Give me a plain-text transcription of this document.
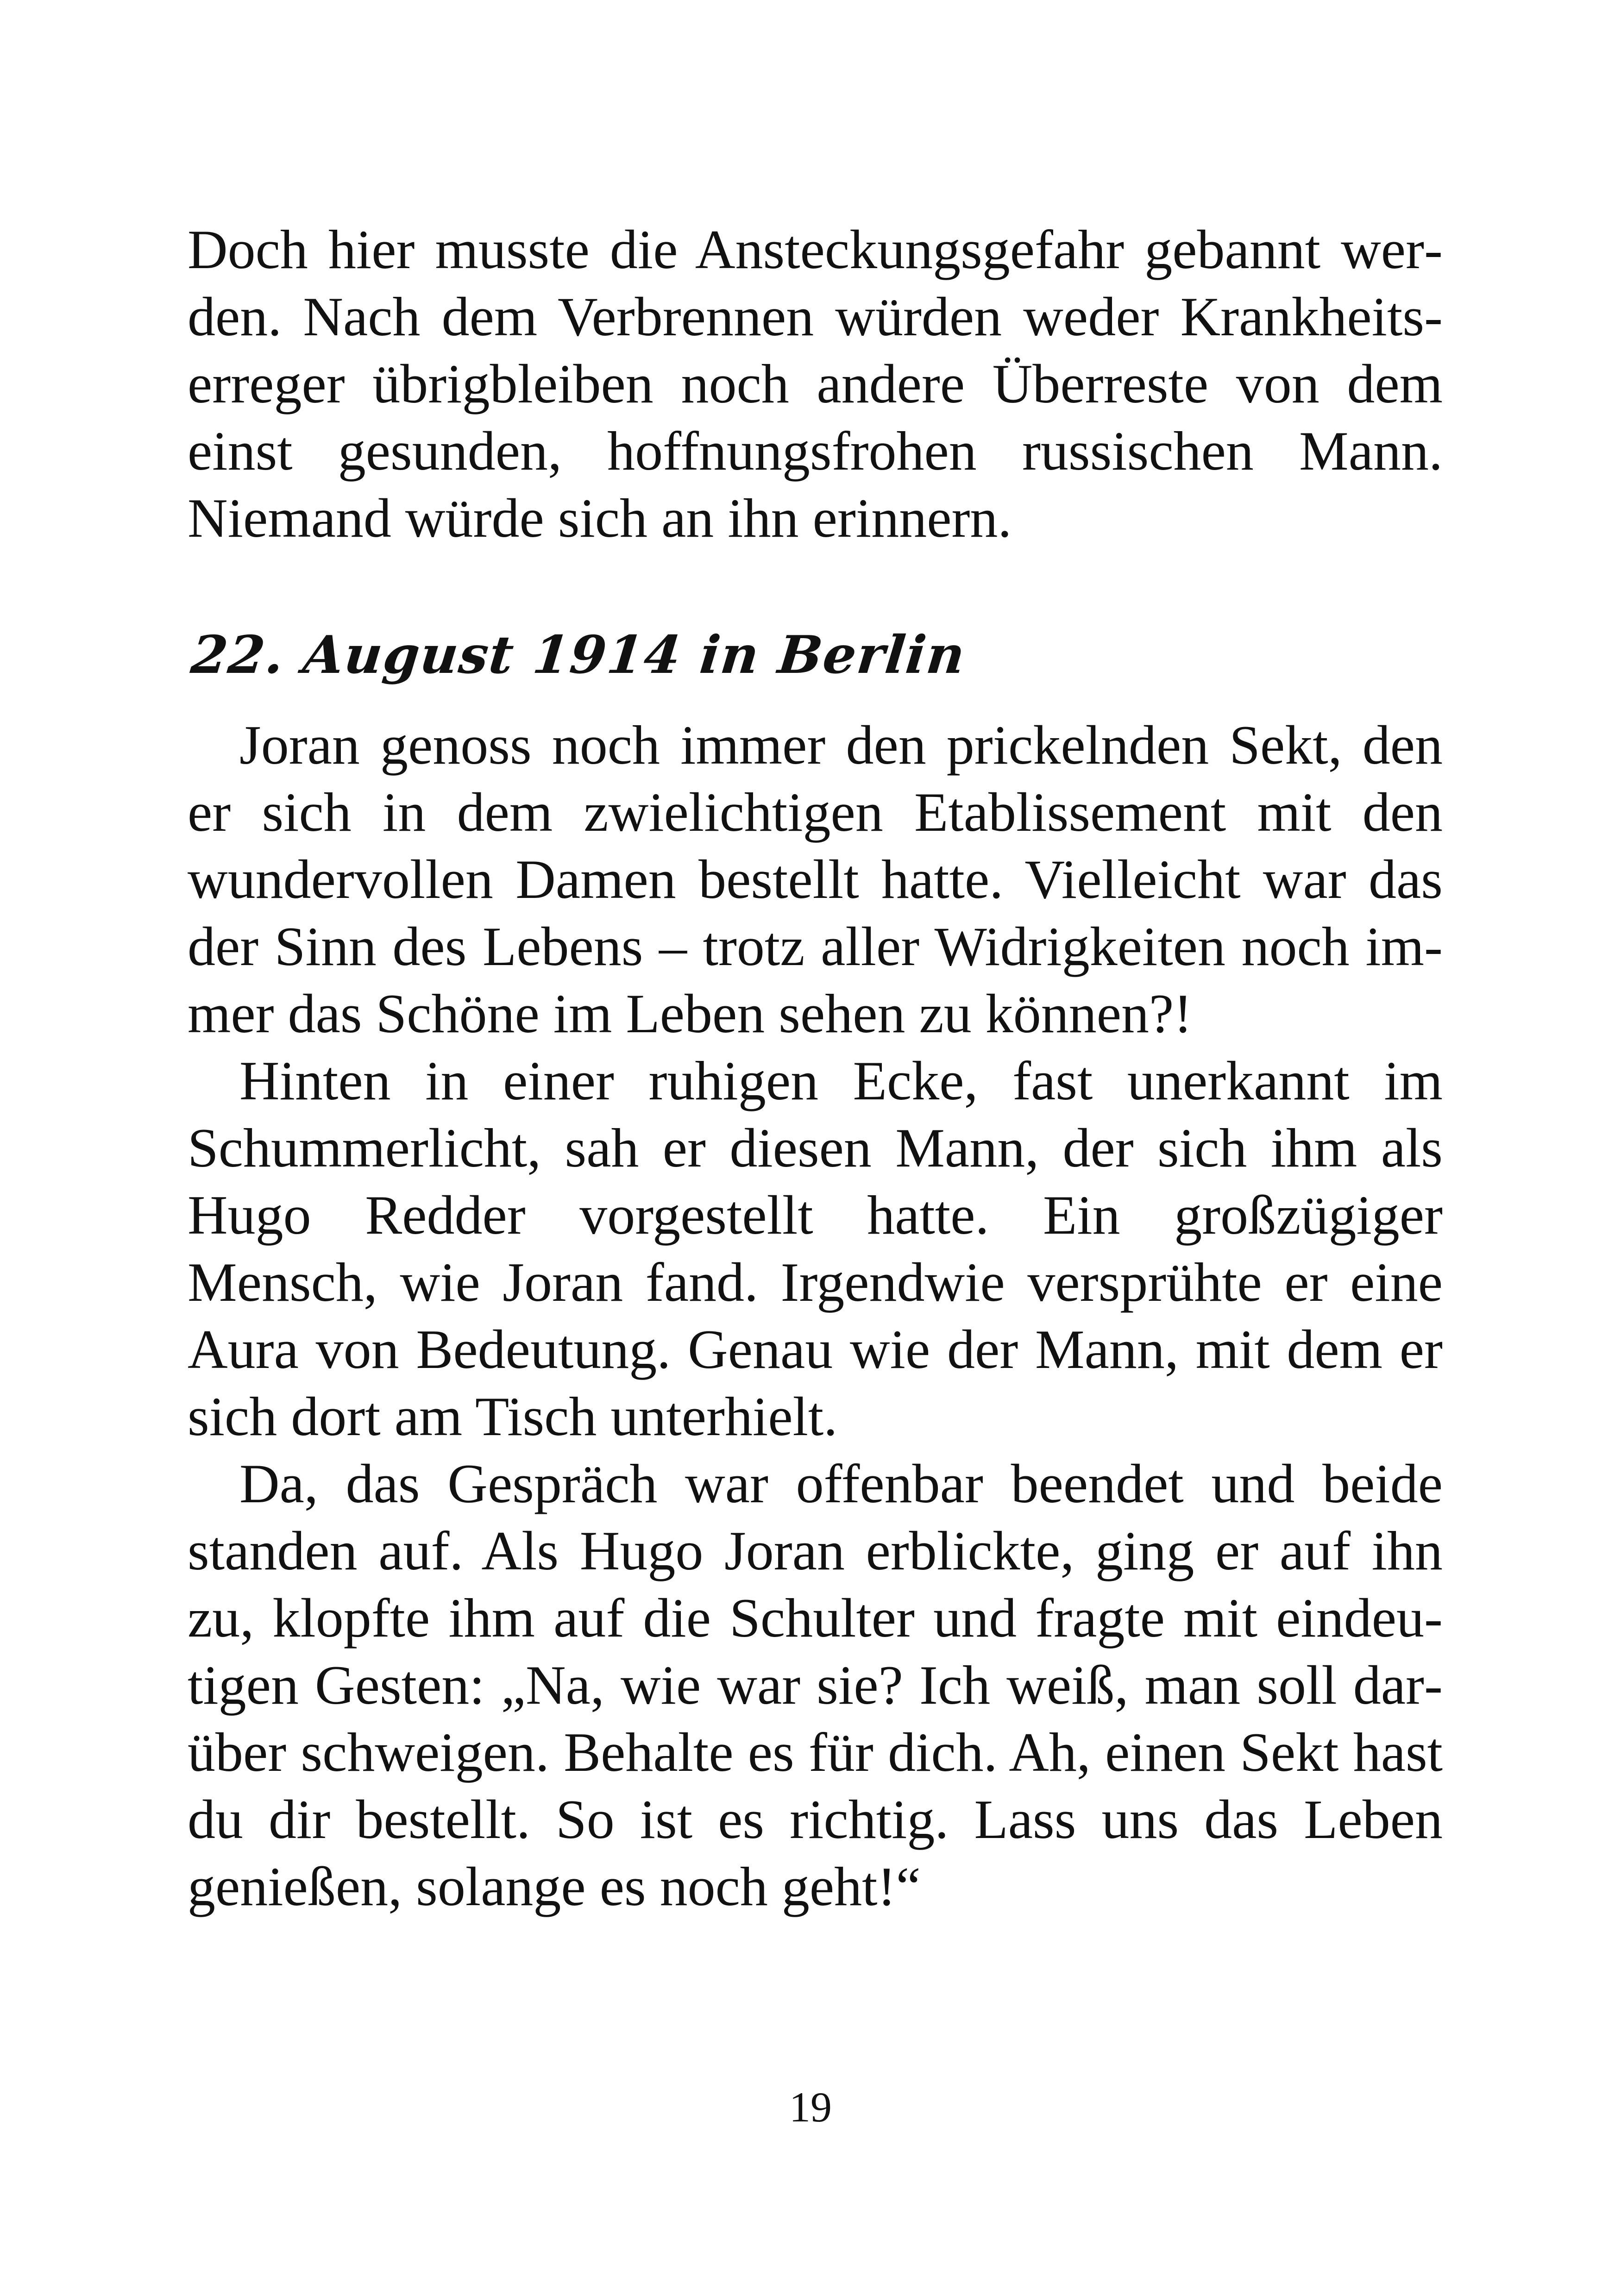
Doch hier musste die Ansteckungsgefahr gebannt werden. Nach dem Verbrennen würden weder Krankheitserreger übrigbleiben noch andere Überreste von dem einst gesunden, hoffnungsfrohen russischen Mann. Niemand würde sich an ihn erinnern.

22. August 1914 in Berlin

Joran genoss noch immer den prickelnden Sekt, den er sich in dem zwielichtigen Etablissement mit den wundervollen Damen bestellt hatte. Vielleicht war das der Sinn des Lebens – trotz aller Widrigkeiten noch immer das Schöne im Leben sehen zu können?!

Hinten in einer ruhigen Ecke, fast unerkannt im Schummerlicht, sah er diesen Mann, der sich ihm als Hugo Redder vorgestellt hatte. Ein großzügiger Mensch, wie Joran fand. Irgendwie versprühte er eine Aura von Bedeutung. Genau wie der Mann, mit dem er sich dort am Tisch unterhielt.

Da, das Gespräch war offenbar beendet und beide standen auf. Als Hugo Joran erblickte, ging er auf ihn zu, klopfte ihm auf die Schulter und fragte mit eindeutigen Gesten: „Na, wie war sie? Ich weiß, man soll darüber schweigen. Behalte es für dich. Ah, einen Sekt hast du dir bestellt. So ist es richtig. Lass uns das Leben genießen, solange es noch geht!“

19
